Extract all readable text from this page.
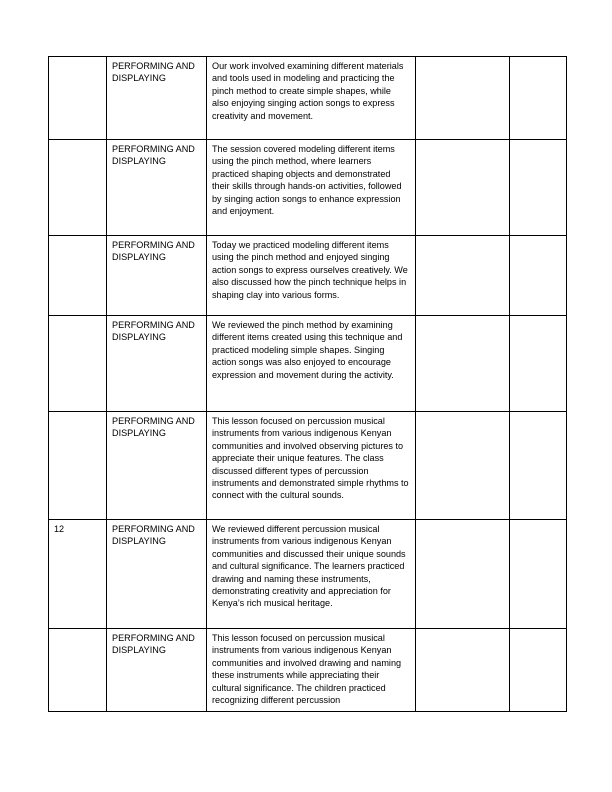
	PERFORMING AND DISPLAYING	Our work involved examining different materials and tools used in modeling and practicing the pinch method to create simple shapes, while also enjoying singing action songs to express creativity and movement.		
	PERFORMING AND DISPLAYING	The session covered modeling different items using the pinch method, where learners practiced shaping objects and demonstrated their skills through hands-on activities, followed by singing action songs to enhance expression and enjoyment.		
	PERFORMING AND DISPLAYING	Today we practiced modeling different items using the pinch method and enjoyed singing action songs to express ourselves creatively. We also discussed how the pinch technique helps in shaping clay into various forms.		
	PERFORMING AND DISPLAYING	We reviewed the pinch method by examining different items created using this technique and practiced modeling simple shapes. Singing action songs was also enjoyed to encourage expression and movement during the activity.		
	PERFORMING AND DISPLAYING	This lesson focused on percussion musical instruments from various indigenous Kenyan communities and involved observing pictures to appreciate their unique features. The class discussed different types of percussion instruments and demonstrated simple rhythms to connect with the cultural sounds.		
12	PERFORMING AND DISPLAYING	We reviewed different percussion musical instruments from various indigenous Kenyan communities and discussed their unique sounds and cultural significance. The learners practiced drawing and naming these instruments, demonstrating creativity and appreciation for Kenya’s rich musical heritage.		
	PERFORMING AND DISPLAYING	This lesson focused on percussion musical instruments from various indigenous Kenyan communities and involved drawing and naming these instruments while appreciating their cultural significance. The children practiced recognizing different percussion		
